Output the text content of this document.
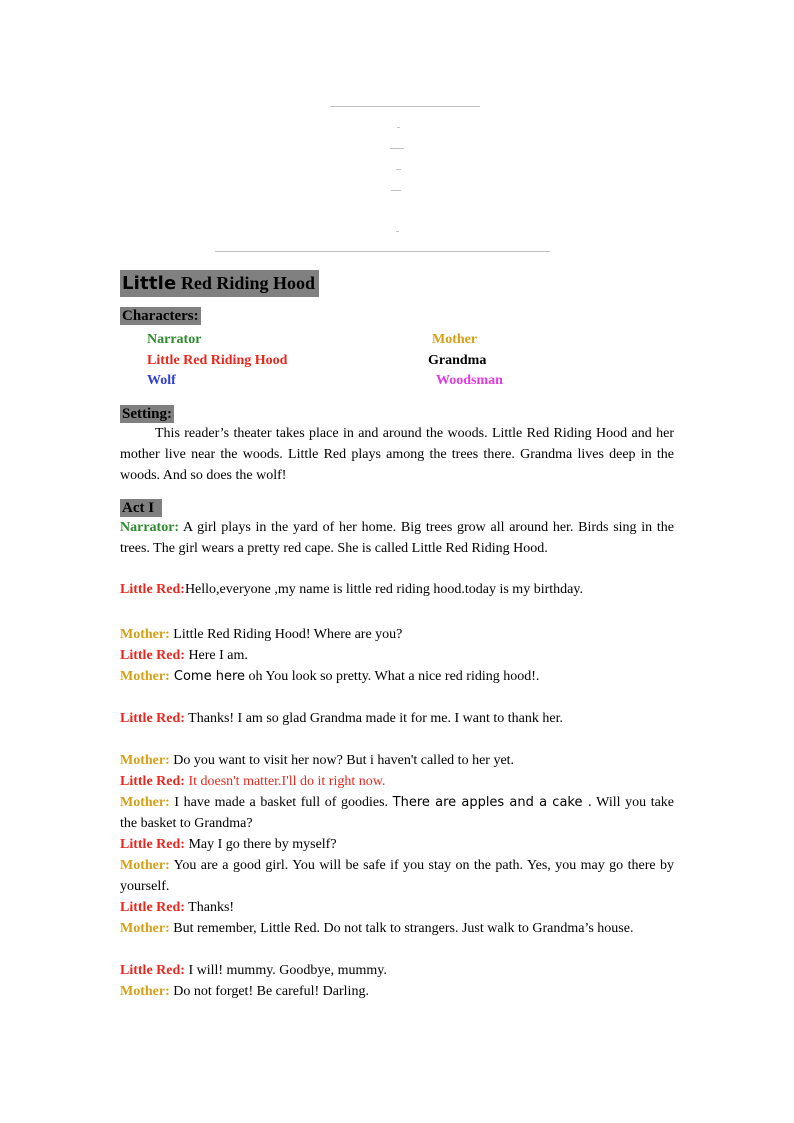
Little Red Riding Hood
Characters:
Narrator	Mother
Little Red Riding Hood	Grandma
Wolf	Woodsman
Setting:

This reader’s theater takes place in and around the woods. Little Red Riding Hood and her mother live near the woods. Little Red plays among the trees there. Grandma lives deep in the woods. And so does the wolf!

Act I

Narrator: A girl plays in the yard of her home. Big trees grow all around her. Birds sing in the trees. The girl wears a pretty red cape. She is called Little Red Riding Hood.

Little Red:Hello,everyone ,my name is little red riding hood.today is my birthday.

Mother: Little Red Riding Hood! Where are you?

Little Red: Here I am.

Mother: Come here oh You look so pretty. What a nice red riding hood!.

Little Red: Thanks! I am so glad Grandma made it for me. I want to thank her.

Mother: Do you want to visit her now? But i haven't called to her yet.

Little Red: It doesn't matter.I'll do it right now.

Mother: I have made a basket full of goodies. There are apples and a cake . Will you take the basket to Grandma?

Little Red: May I go there by myself?

Mother: You are a good girl. You will be safe if you stay on the path. Yes, you may go there by yourself.

Little Red: Thanks!

Mother: But remember, Little Red. Do not talk to strangers. Just walk to Grandma’s house.

Little Red: I will! mummy. Goodbye, mummy.

Mother: Do not forget! Be careful! Darling.
